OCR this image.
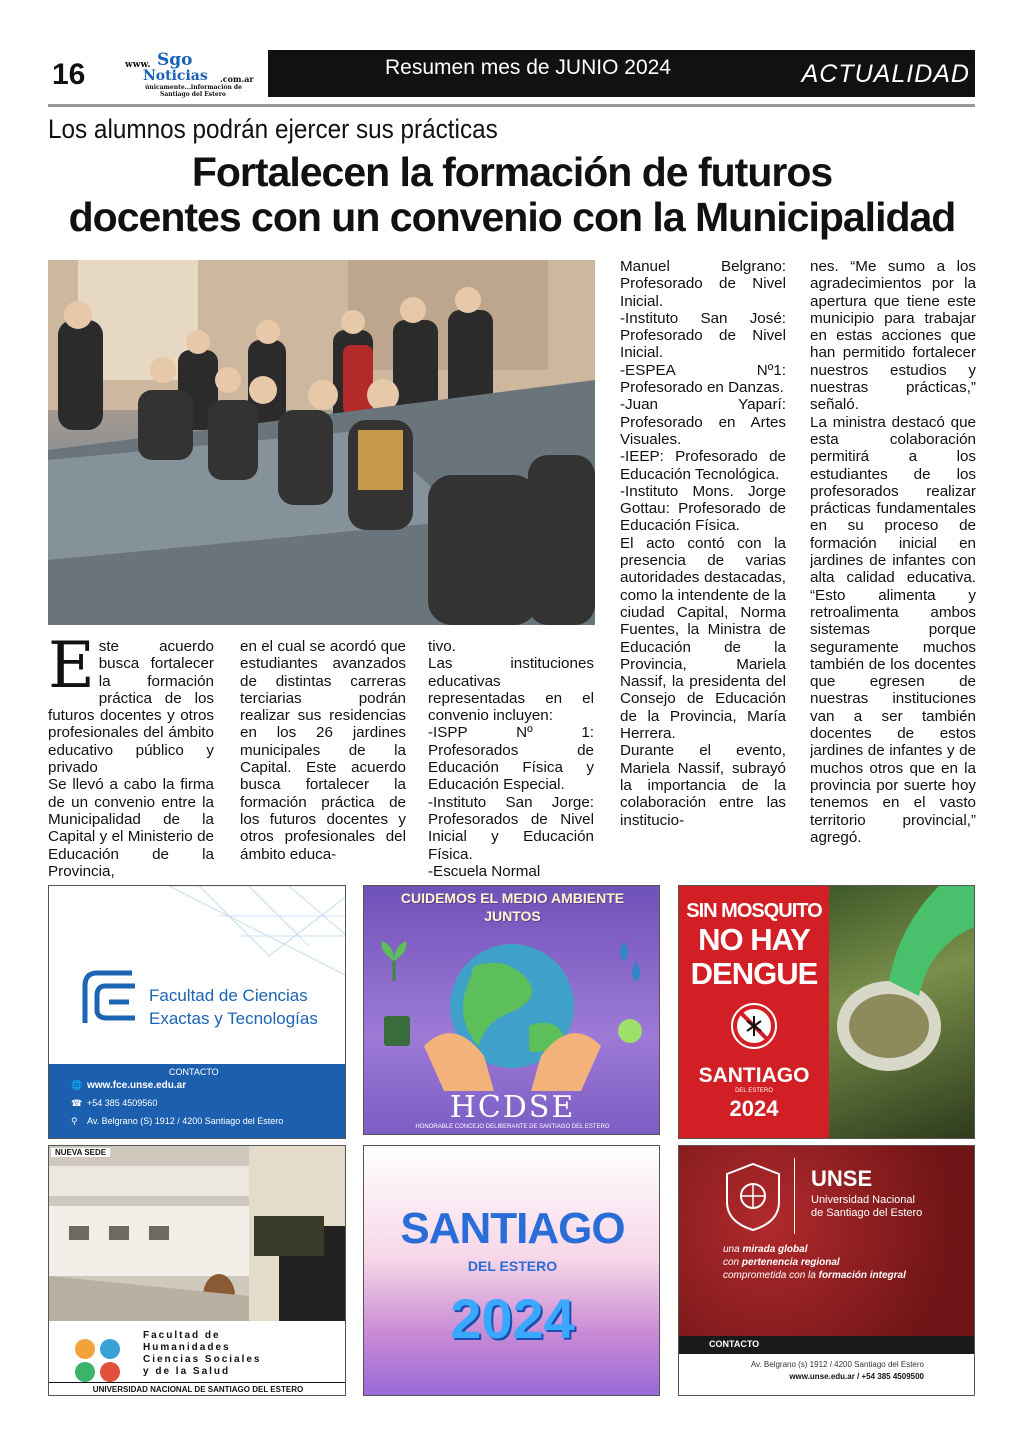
16	www. Sgo
Noticias .com.ar
únicamente...información de
Santiago del Estero
Resumen mes de JUNIO 2024	ACTUALIDAD
Los alumnos podrán ejercer sus prácticas
Fortalecen la formación de futuros
docentes con un convenio con la Municipalidad

Este acuerdo busca fortalecer la formación práctica de los futuros docentes y otros profesionales del ámbito educativo público y privado

Se llevó a cabo la firma de un convenio entre la Municipalidad de la Capital y el Ministerio de Educación de la Provincia,

en el cual se acordó que estudiantes avanzados de distintas carreras terciarias podrán realizar sus residencias en los 26 jardines municipales de la Capital. Este acuerdo busca fortalecer la formación práctica de los futuros docentes y otros profesionales del ámbito educa-

tivo.

Las instituciones educativas representadas en el convenio incluyen:

-ISPP Nº 1: Profesorados de Educación Física y Educación Especial.

-Instituto San Jorge: Profesorados de Nivel Inicial y Educación Física.

-Escuela Normal

Manuel Belgrano: Profesorado de Nivel Inicial.

-Instituto San José: Profesorado de Nivel Inicial.

-ESPEA Nº1: Profesorado en Danzas.

-Juan Yaparí: Profesorado en Artes Visuales.

-IEEP: Profesorado de Educación Tecnológica.

-Instituto Mons. Jorge Gottau: Profesorado de Educación Física.

El acto contó con la presencia de varias autoridades destacadas, como la intendente de la ciudad Capital, Norma Fuentes, la Ministra de Educación de la Provincia, Mariela Nassif, la presidenta del Consejo de Educación de la Provincia, María Herrera.

Durante el evento, Mariela Nassif, subrayó la importancia de la colaboración entre las institucio-

nes. “Me sumo a los agradecimientos por la apertura que tiene este municipio para trabajar en estas acciones que han permitido fortalecer nuestros estudios y nuestras prácticas,” señaló.

La ministra destacó que esta colaboración permitirá a los estudiantes de los profesorados realizar prácticas fundamentales en su proceso de formación inicial en jardines de infantes con alta calidad educativa. “Esto alimenta y retroalimenta ambos sistemas porque seguramente muchos también de los docentes que egresen de nuestras instituciones van a ser también docentes de estos jardines de infantes y de muchos otros que en la provincia por suerte hoy tenemos en el vasto territorio provincial,” agregó.

Facultad de Ciencias
Exactas y Tecnologías
CONTACTO
🌐 www.fce.unse.edu.ar
☎ +54 385 4509560
⚲ Av. Belgrano (S) 1912 / 4200 Santiago del Estero
CUIDEMOS EL MEDIO AMBIENTE
JUNTOS
HCDSE
HONORABLE CONCEJO DELIBERANTE DE SANTIAGO DEL ESTERO
SIN MOSQUITO
NO HAY
DENGUE
SANTIAGO
DEL ESTERO
2024
NUEVA SEDE
Facultad de
Humanidades
Ciencias Sociales
y de la Salud
UNIVERSIDAD NACIONAL DE SANTIAGO DEL ESTERO
SANTIAGO
DEL ESTERO
2024
UNSE
Universidad Nacional
de Santiago del Estero
una mirada global
con pertenencia regional
comprometida con la formación integral
CONTACTO
Av. Belgrano (s) 1912 / 4200 Santiago del Estero
www.unse.edu.ar / +54 385 4509500
